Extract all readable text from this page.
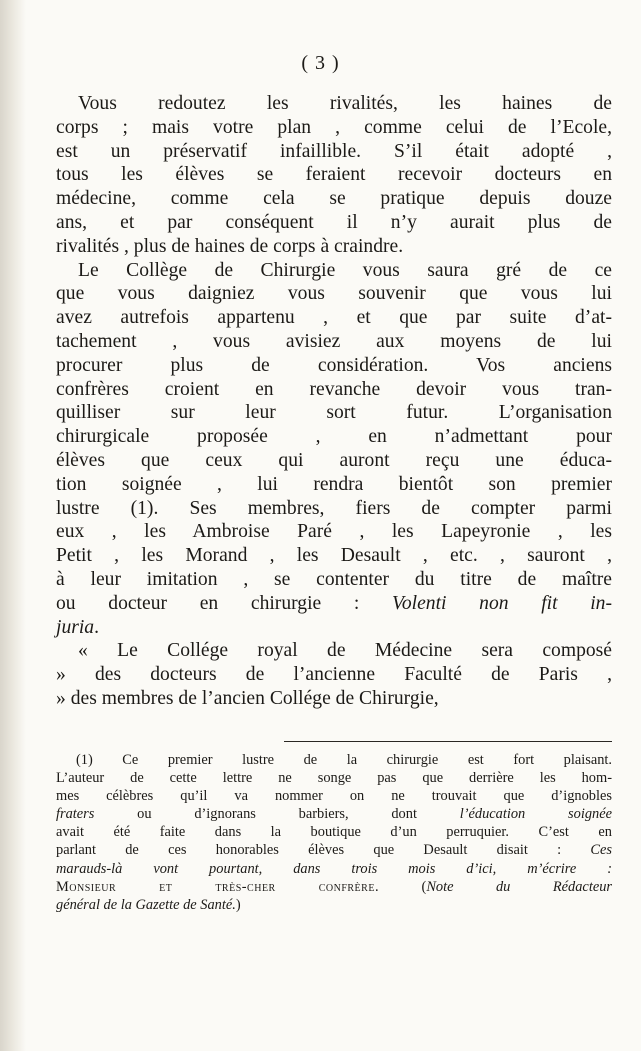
( 3 )
Vous redoutez les rivalités, les haines de
corps ; mais votre plan , comme celui de l’Ecole,
est un préservatif infaillible. S’il était adopté ,
tous les élèves se feraient recevoir docteurs en
médecine, comme cela se pratique depuis douze
ans, et par conséquent il n’y aurait plus de
rivalités , plus de haines de corps à craindre.
Le Collège de Chirurgie vous saura gré de ce
que vous daigniez vous souvenir que vous lui
avez autrefois appartenu , et que par suite d’at-
tachement , vous avisiez aux moyens de lui
procurer plus de considération. Vos anciens
confrères croient en revanche devoir vous tran-
quilliser sur leur sort futur. L’organisation
chirurgicale proposée , en n’admettant pour
élèves que ceux qui auront reçu une éduca-
tion soignée , lui rendra bientôt son premier
lustre (1). Ses membres, fiers de compter parmi
eux , les Ambroise Paré , les Lapeyronie , les
Petit , les Morand , les Desault , etc. , sauront ,
à leur imitation , se contenter du titre de maître
ou docteur en chirurgie : Volenti non fit in-
juria.
« Le Collége royal de Médecine sera composé
» des docteurs de l’ancienne Faculté de Paris ,
» des membres de l’ancien Collége de Chirurgie,
(1) Ce premier lustre de la chirurgie est fort plaisant.
L’auteur de cette lettre ne songe pas que derrière les hom-
mes célèbres qu’il va nommer on ne trouvait que d’ignobles
fraters ou d’ignorans barbiers, dont l’éducation soignée
avait été faite dans la boutique d’un perruquier. C’est en
parlant de ces honorables élèves que Desault disait : Ces
marauds-là vont pourtant, dans trois mois d’ici, m’écrire :
Monsieur et très-cher confrère. (Note du Rédacteur
général de la Gazette de Santé.)
